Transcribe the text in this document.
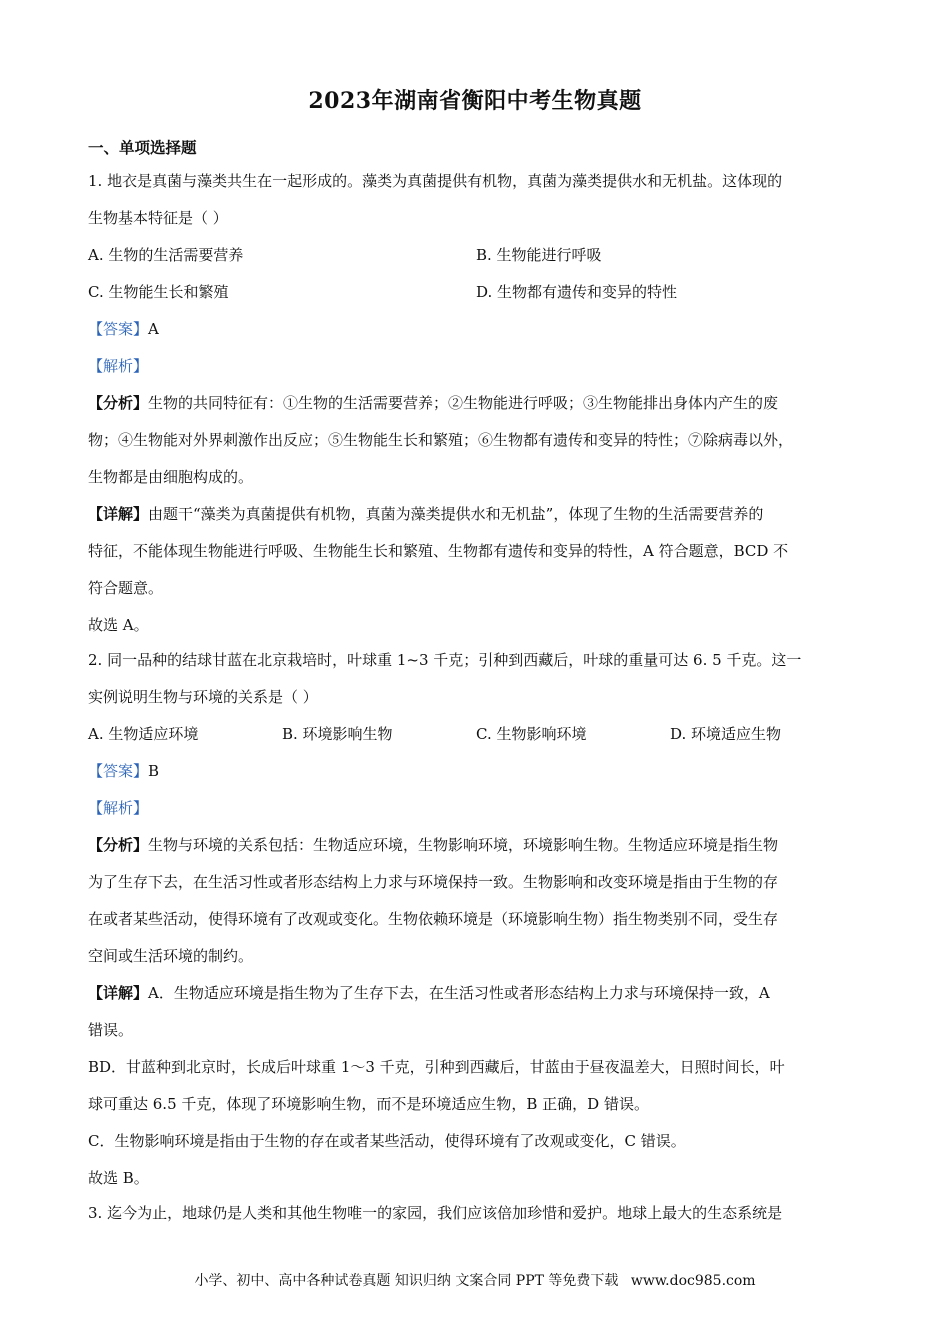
2023年湖南省衡阳中考生物真题
一、单项选择题
1. 地衣是真菌与藻类共生在一起形成的。藻类为真菌提供有机物，真菌为藻类提供水和无机盐。这体现的
生物基本特征是（ ）
A. 生物的生活需要营养	B. 生物能进行呼吸
C. 生物能生长和繁殖	D. 生物都有遗传和变异的特性
【答案】A
【解析】
【分析】生物的共同特征有：①生物的生活需要营养；②生物能进行呼吸；③生物能排出身体内产生的废
物；④生物能对外界刺激作出反应；⑤生物能生长和繁殖；⑥生物都有遗传和变异的特性；⑦除病毒以外，
生物都是由细胞构成的。
【详解】由题干“藻类为真菌提供有机物，真菌为藻类提供水和无机盐”，体现了生物的生活需要营养的
特征，不能体现生物能进行呼吸、生物能生长和繁殖、生物都有遗传和变异的特性，A 符合题意，BCD 不
符合题意。
故选 A。
2. 同一品种的结球甘蓝在北京栽培时，叶球重 1~3 千克；引种到西藏后，叶球的重量可达 6. 5 千克。这一
实例说明生物与环境的关系是（ ）
A. 生物适应环境	B. 环境影响生物	C. 生物影响环境	D. 环境适应生物
【答案】B
【解析】
【分析】生物与环境的关系包括：生物适应环境，生物影响环境，环境影响生物。生物适应环境是指生物
为了生存下去，在生活习性或者形态结构上力求与环境保持一致。生物影响和改变环境是指由于生物的存
在或者某些活动，使得环境有了改观或变化。生物依赖环境是（环境影响生物）指生物类别不同，受生存
空间或生活环境的制约。
【详解】A．生物适应环境是指生物为了生存下去，在生活习性或者形态结构上力求与环境保持一致，A
错误。
BD．甘蓝种到北京时，长成后叶球重 1～3 千克，引种到西藏后，甘蓝由于昼夜温差大，日照时间长，叶
球可重达 6.5 千克，体现了环境影响生物，而不是环境适应生物，B 正确，D 错误。
C．生物影响环境是指由于生物的存在或者某些活动，使得环境有了改观或变化，C 错误。
故选 B。
3. 迄今为止，地球仍是人类和其他生物唯一的家园，我们应该倍加珍惜和爱护。地球上最大的生态系统是
小学、初中、高中各种试卷真题 知识归纳 文案合同 PPT 等免费下载 www.doc985.com
